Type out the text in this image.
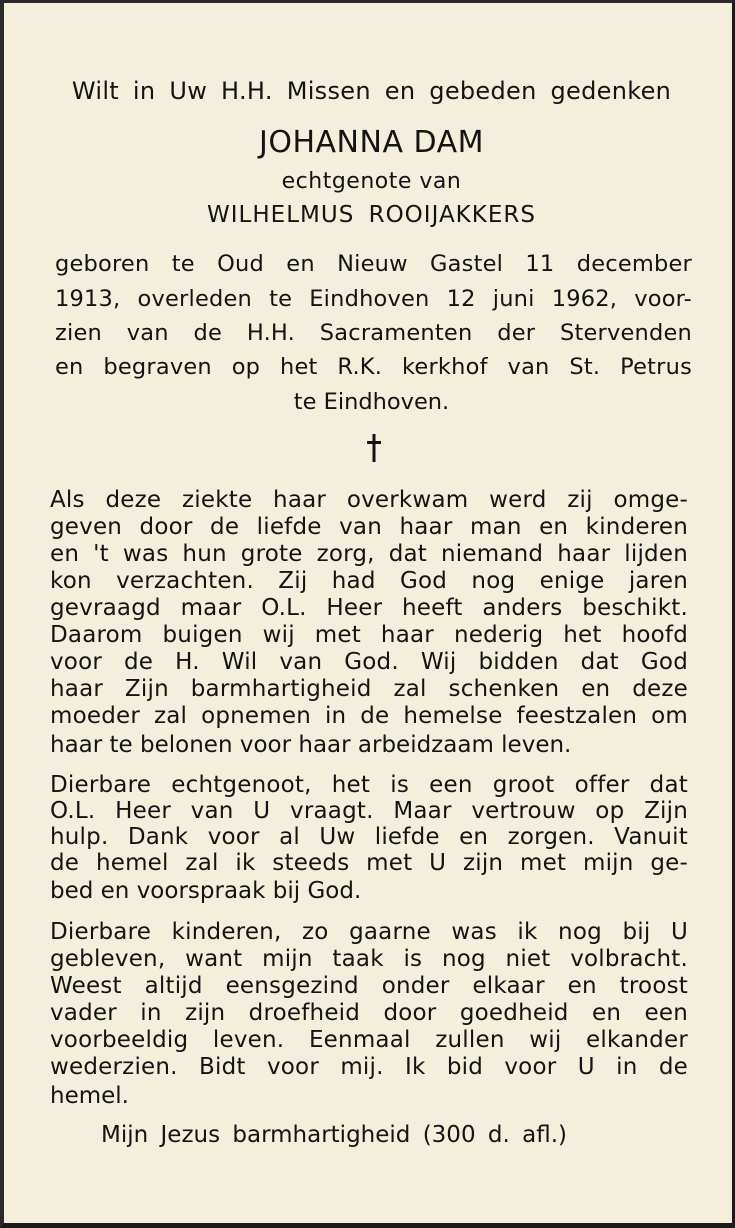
Wilt in Uw H.H. Missen en gebeden gedenken
JOHANNA DAM
echtgenote van
WILHELMUS ROOIJAKKERS
geboren te Oud en Nieuw Gastel 11 december
1913, overleden te Eindhoven 12 juni 1962, voor-
zien van de H.H. Sacramenten der Stervenden
en begraven op het R.K. kerkhof van St. Petrus
te Eindhoven.
Als deze ziekte haar overkwam werd zij omge-
geven door de liefde van haar man en kinderen
en 't was hun grote zorg, dat niemand haar lijden
kon verzachten. Zij had God nog enige jaren
gevraagd maar O.L. Heer heeft anders beschikt.
Daarom buigen wij met haar nederig het hoofd
voor de H. Wil van God. Wij bidden dat God
haar Zijn barmhartigheid zal schenken en deze
moeder zal opnemen in de hemelse feestzalen om
haar te belonen voor haar arbeidzaam leven.
Dierbare echtgenoot, het is een groot offer dat
O.L. Heer van U vraagt. Maar vertrouw op Zijn
hulp. Dank voor al Uw liefde en zorgen. Vanuit
de hemel zal ik steeds met U zijn met mijn ge-
bed en voorspraak bij God.
Dierbare kinderen, zo gaarne was ik nog bij U
gebleven, want mijn taak is nog niet volbracht.
Weest altijd eensgezind onder elkaar en troost
vader in zijn droefheid door goedheid en een
voorbeeldig leven. Eenmaal zullen wij elkander
wederzien. Bidt voor mij. Ik bid voor U in de
hemel.
Mijn Jezus barmhartigheid (300 d. afl.)
